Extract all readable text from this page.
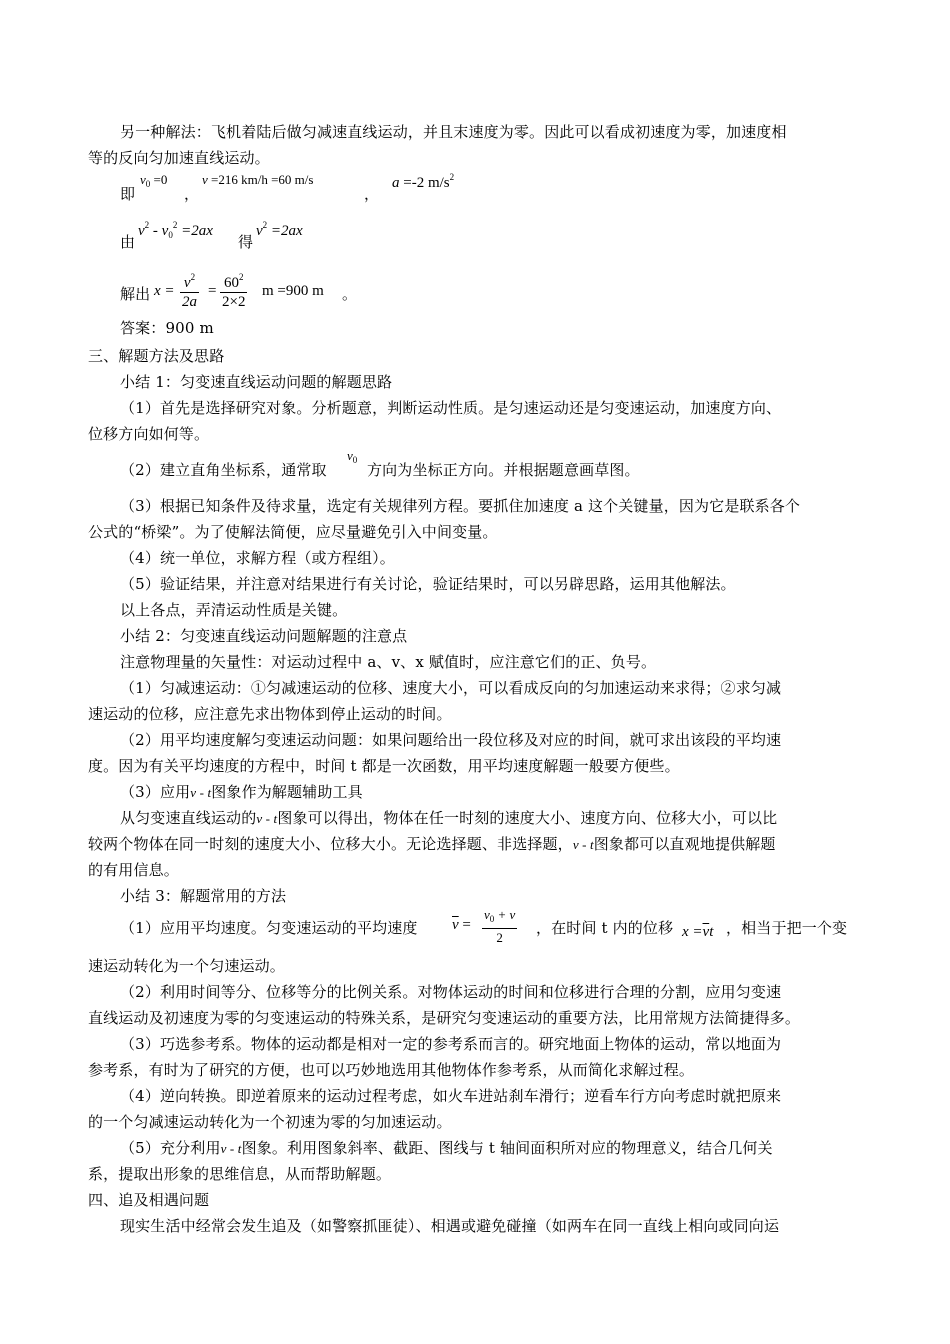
另一种解法：飞机着陆后做匀减速直线运动，并且末速度为零。因此可以看成初速度为零，加速度相
等的反向匀加速直线运动。
即
$v_0 =0$
，
v =216 km/h =60 m/s
，
a =-2 $m/s^2$
由
$v^2 - v_0^2 =2ax$
得
$v^2 =2ax$
解出 $x = \frac{v^2}{2a} = \frac{60^2}{2\times 2}$ m =900 m 。
答案：900 m
三、解题方法及思路
小结 1：匀变速直线运动问题的解题思路
（1）首先是选择研究对象。分析题意，判断运动性质。是匀速运动还是匀变速运动，加速度方向、
位移方向如何等。
（2）建立直角坐标系，通常取
$v_0$
方向为坐标正方向。并根据题意画草图。
（3）根据已知条件及待求量，选定有关规律列方程。要抓住加速度 a 这个关键量，因为它是联系各个
公式的“桥梁”。为了使解法简便，应尽量避免引入中间变量。
（4）统一单位，求解方程（或方程组）。
（5）验证结果，并注意对结果进行有关讨论，验证结果时，可以另辟思路，运用其他解法。
以上各点，弄清运动性质是关键。
小结 2：匀变速直线运动问题解题的注意点
注意物理量的矢量性：对运动过程中 a、v、x 赋值时，应注意它们的正、负号。
（1）匀减速运动：①匀减速运动的位移、速度大小，可以看成反向的匀加速运动来求得；②求匀减
速运动的位移，应注意先求出物体到停止运动的时间。
（2）用平均速度解匀变速运动问题：如果问题给出一段位移及对应的时间，就可求出该段的平均速
度。因为有关平均速度的方程中，时间 t 都是一次函数，用平均速度解题一般要方便些。
（3）应用v - t图象作为解题辅助工具
从匀变速直线运动的v - t图象可以得出，物体在任一时刻的速度大小、速度方向、位移大小，可以比
较两个物体在同一时刻的速度大小、位移大小。无论选择题、非选择题，v - t图象都可以直观地提供解题
的有用信息。
小结 3：解题常用的方法
（1）应用平均速度。匀变速运动的平均速度 $\overline{v} = \frac{v_0 + v}{2}$ ，在时间 t 内的位移 $x =\overline{v}t$ ，相当于把一个变
速运动转化为一个匀速运动。
（2）利用时间等分、位移等分的比例关系。对物体运动的时间和位移进行合理的分割，应用匀变速
直线运动及初速度为零的匀变速运动的特殊关系，是研究匀变速运动的重要方法，比用常规方法简捷得多。
（3）巧选参考系。物体的运动都是相对一定的参考系而言的。研究地面上物体的运动，常以地面为
参考系，有时为了研究的方便，也可以巧妙地选用其他物体作参考系，从而简化求解过程。
（4）逆向转换。即逆着原来的运动过程考虑，如火车进站刹车滑行；逆看车行方向考虑时就把原来
的一个匀减速运动转化为一个初速为零的匀加速运动。
（5）充分利用v - t图象。利用图象斜率、截距、图线与 t 轴间面积所对应的物理意义，结合几何关
系，提取出形象的思维信息，从而帮助解题。
四、追及相遇问题
现实生活中经常会发生追及（如警察抓匪徒）、相遇或避免碰撞（如两车在同一直线上相向或同向运
